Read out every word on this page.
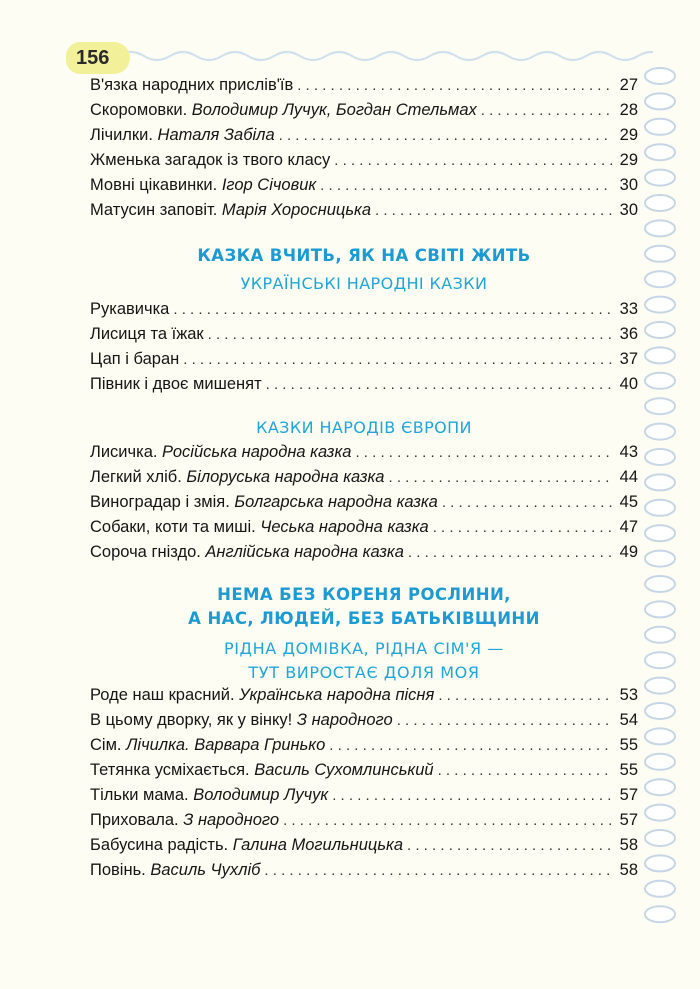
156
В'язка народних прислів'їв . . .	27
Скоромовки. Володимир Лучук, Богдан Стельмах . . .	28
Лічилки. Наталя Забіла . . .	29
Жменька загадок із твого класу . . .	29
Мовні цікавинки. Ігор Січовик . . .	30
Матусин заповіт. Марія Хоросницька . . .	30
КАЗКА ВЧИТЬ, ЯК НА СВІТІ ЖИТЬ
УКРАЇНСЬКІ НАРОДНІ КАЗКИ
Рукавичка . . .	33
Лисиця та їжак . . .	36
Цап і баран . . .	37
Півник і двоє мишенят . . .	40
КАЗКИ НАРОДІВ ЄВРОПИ
Лисичка. Російська народна казка . . .	43
Легкий хліб. Білоруська народна казка . . .	44
Виноградар і змія. Болгарська народна казка . . .	45
Собаки, коти та миші. Чеська народна казка . . .	47
Сороча гніздо. Англійська народна казка . . .	49
НЕМА БЕЗ КОРЕНЯ РОСЛИНИ,
А НАС, ЛЮДЕЙ, БЕЗ БАТЬКІВЩИНИ
РІДНА ДОМІВКА, РІДНА СІМ'Я —
ТУТ ВИРОСТАЄ ДОЛЯ МОЯ
Роде наш красний. Українська народна пісня . . .	53
В цьому дворку, як у вінку! З народного . . .	54
Сім. Лічилка. Варвара Гринько . . .	55
Тетянка усміхається. Василь Сухомлинський . . .	55
Тільки мама. Володимир Лучук . . .	57
Приховала. З народного . . .	57
Бабусина радість. Галина Могильницька . . .	58
Повінь. Василь Чухліб . . .	58
